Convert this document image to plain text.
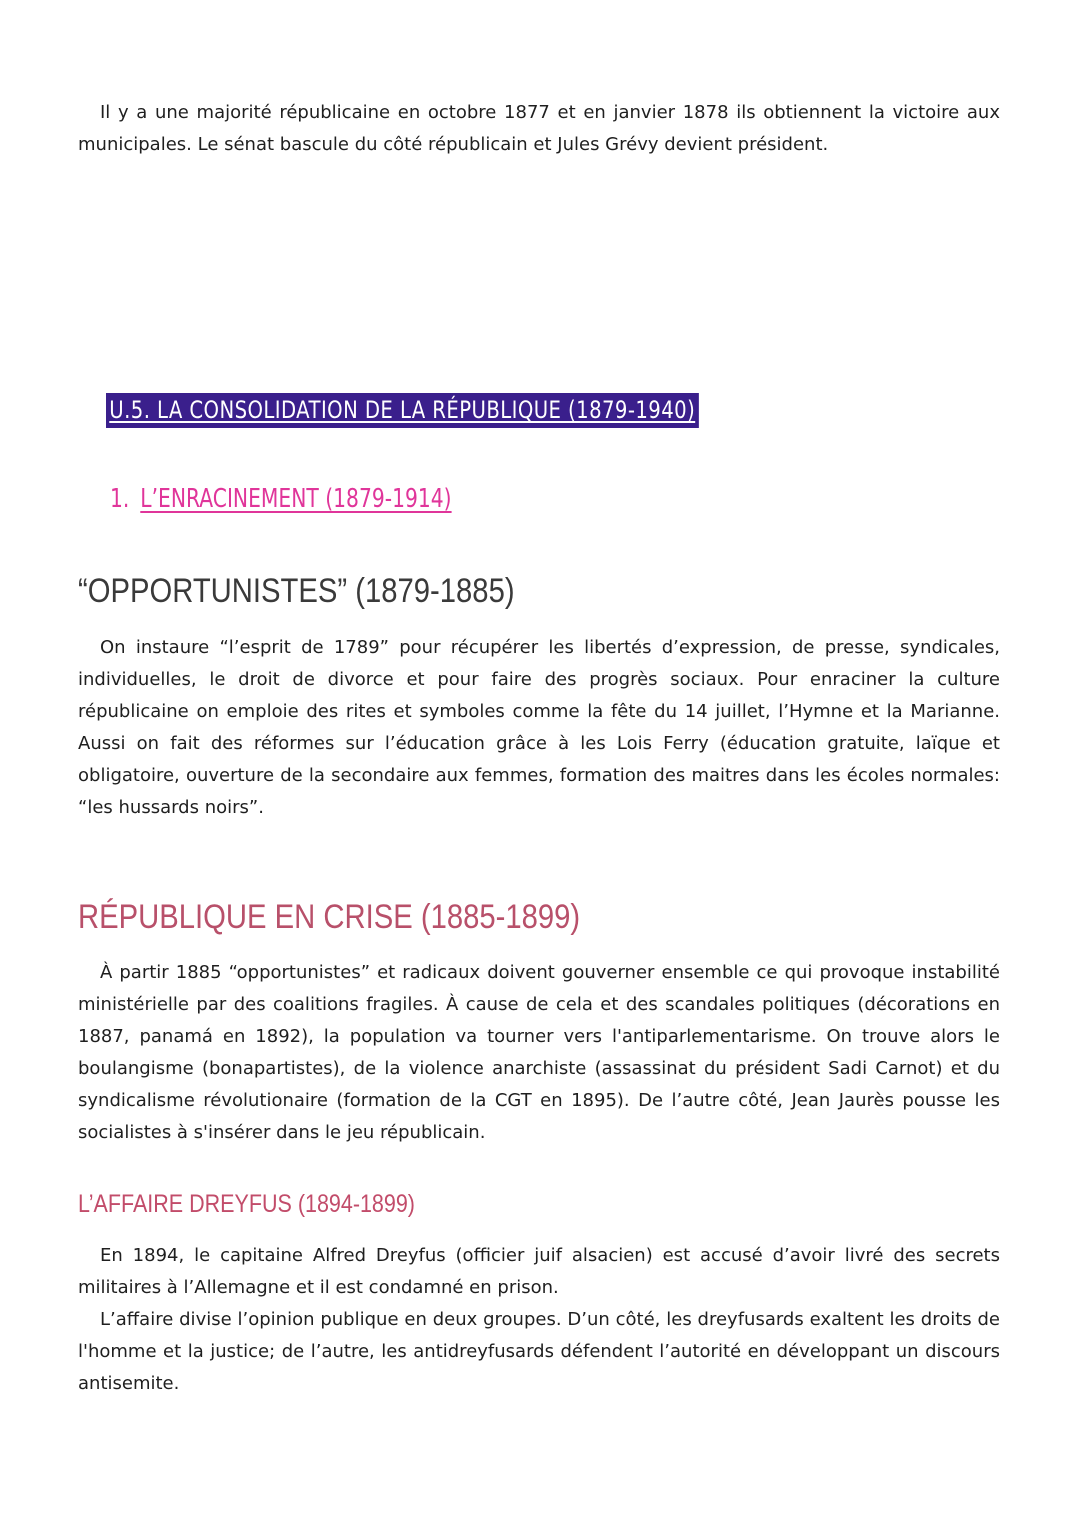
Il y a une majorité républicaine en octobre 1877 et en janvier 1878 ils obtiennent la victoire aux municipales. Le sénat bascule du côté républicain et Jules Grévy devient président.

U.5. LA CONSOLIDATION DE LA RÉPUBLIQUE (1879-1940)
1. L’ENRACINEMENT (1879-1914)
“OPPORTUNISTES” (1879-1885)

On instaure “l’esprit de 1789” pour récupérer les libertés d’expression, de presse, syndicales, individuelles, le droit de divorce et pour faire des progrès sociaux. Pour enraciner la culture républicaine on emploie des rites et symboles comme la fête du 14 juillet, l’Hymne et la Marianne. Aussi on fait des réformes sur l’éducation grâce à les Lois Ferry (éducation gratuite, laïque et obligatoire, ouverture de la secondaire aux femmes, formation des maitres dans les écoles normales: “les hussards noirs”.

RÉPUBLIQUE EN CRISE (1885-1899)

À partir 1885 “opportunistes” et radicaux doivent gouverner ensemble ce qui provoque instabilité ministérielle par des coalitions fragiles. À cause de cela et des scandales politiques (décorations en 1887, panamá en 1892), la population va tourner vers l'antiparlementarisme. On trouve alors le boulangisme (bonapartistes), de la violence anarchiste (assassinat du président Sadi Carnot) et du syndicalisme révolutionaire (formation de la CGT en 1895). De l’autre côté, Jean Jaurès pousse les socialistes à s'insérer dans le jeu républicain.

L’AFFAIRE DREYFUS (1894-1899)

En 1894, le capitaine Alfred Dreyfus (officier juif alsacien) est accusé d’avoir livré des secrets militaires à l’Allemagne et il est condamné en prison.

L’affaire divise l’opinion publique en deux groupes. D’un côté, les dreyfusards exaltent les droits de l'homme et la justice; de l’autre, les antidreyfusards défendent l’autorité en développant un discours antisemite.
